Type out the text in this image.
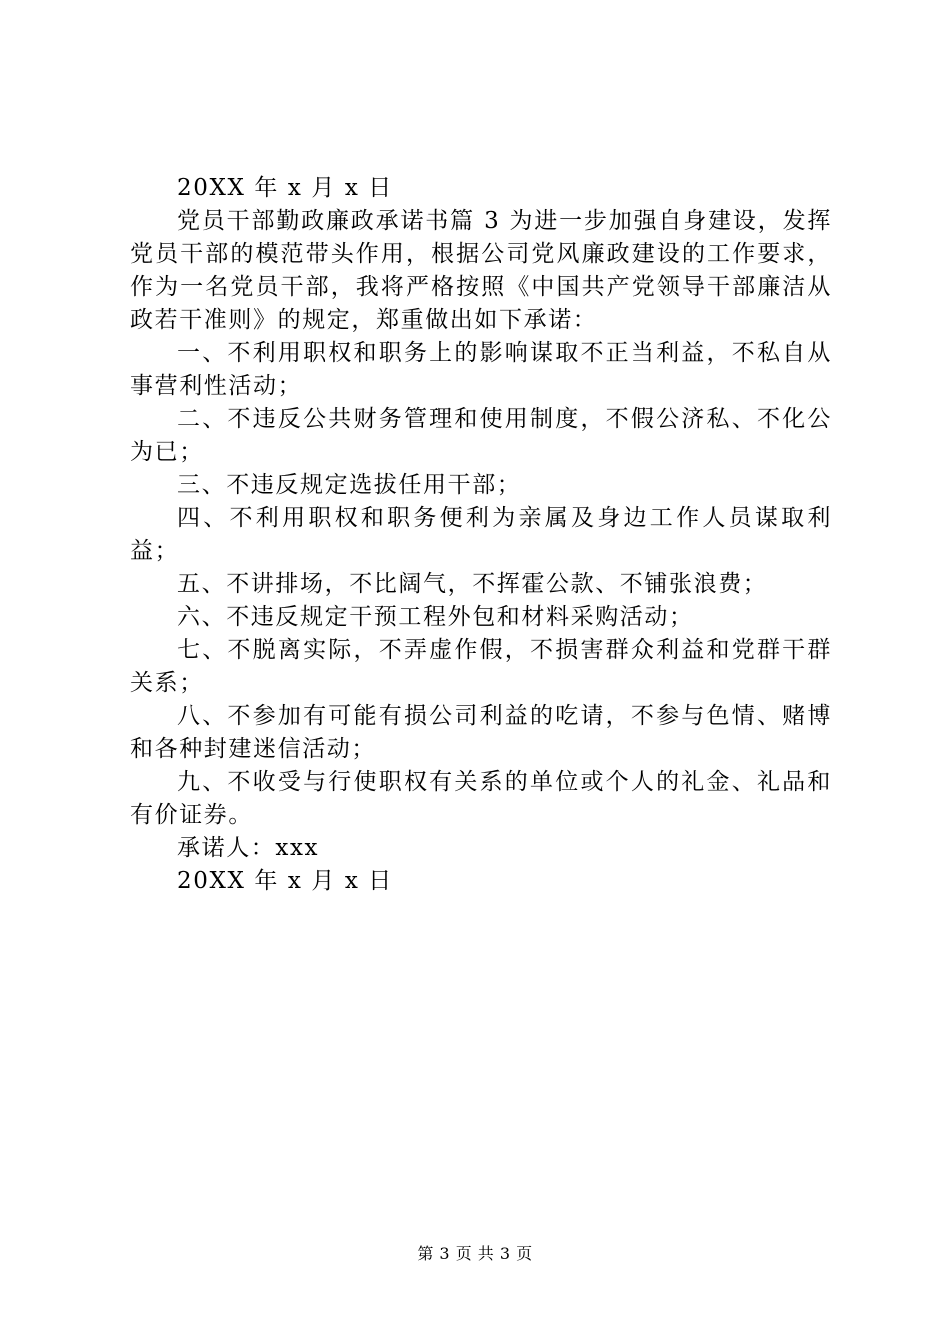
20XX 年 x 月 x 日

党员干部勤政廉政承诺书篇 3 为进一步加强自身建设，发挥党员干部的模范带头作用，根据公司党风廉政建设的工作要求，作为一名党员干部，我将严格按照《中国共产党领导干部廉洁从政若干准则》的规定，郑重做出如下承诺：

一、不利用职权和职务上的影响谋取不正当利益，不私自从事营利性活动；

二、不违反公共财务管理和使用制度，不假公济私、不化公为已；

三、不违反规定选拔任用干部；

四、不利用职权和职务便利为亲属及身边工作人员谋取利益；

五、不讲排场，不比阔气，不挥霍公款、不铺张浪费；

六、不违反规定干预工程外包和材料采购活动；

七、不脱离实际，不弄虚作假，不损害群众利益和党群干群关系；

八、不参加有可能有损公司利益的吃请，不参与色情、赌博和各种封建迷信活动；

九、不收受与行使职权有关系的单位或个人的礼金、礼品和有价证券。

承诺人：xxx

20XX 年 x 月 x 日

第 3 页 共 3 页
